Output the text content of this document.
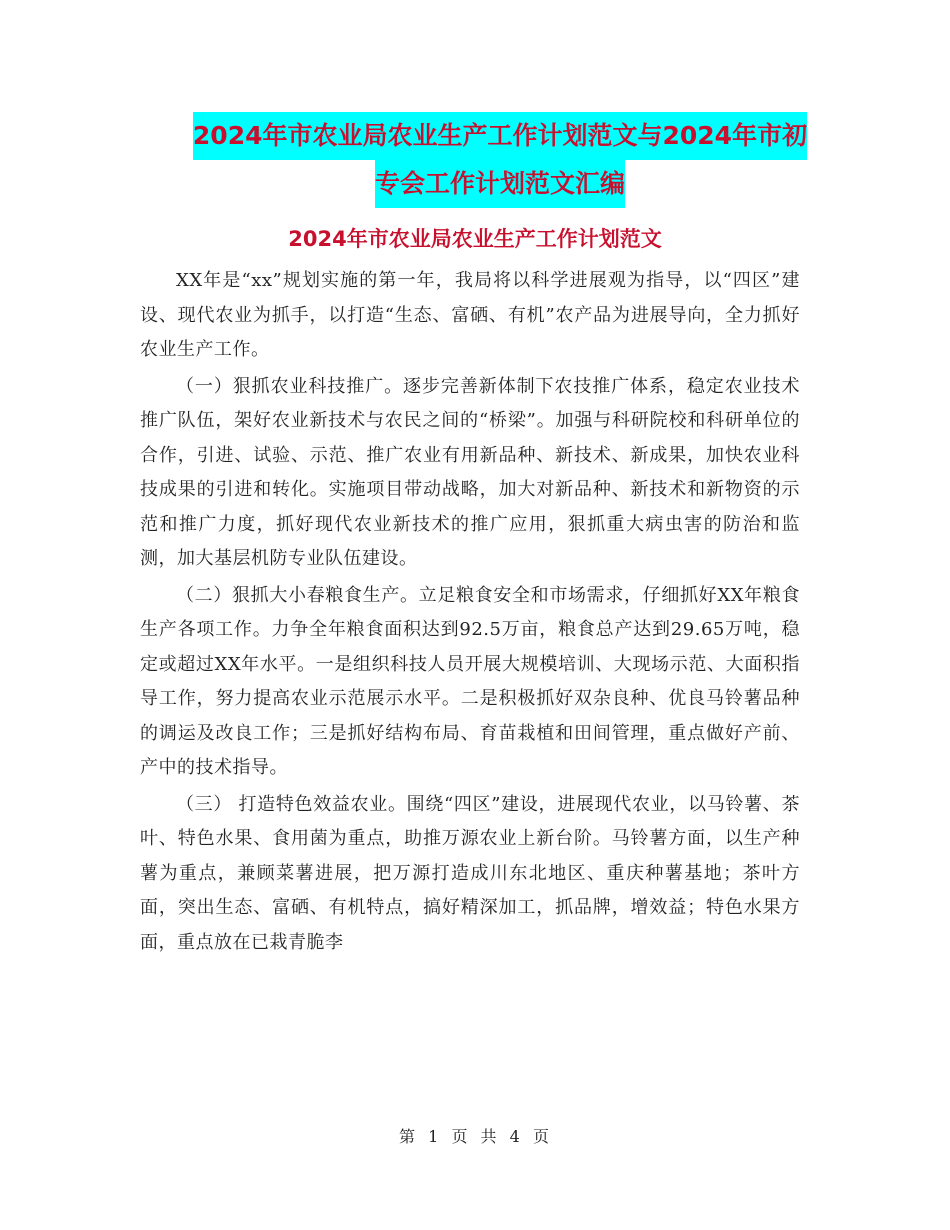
2024年市农业局农业生产工作计划范文与2024年市初
专会工作计划范文汇编
2024年市农业局农业生产工作计划范文

XX年是“xx”规划实施的第一年，我局将以科学进展观为指导，以“四区”建设、现代农业为抓手，以打造“生态、富硒、有机”农产品为进展导向，全力抓好农业生产工作。

（一）狠抓农业科技推广。逐步完善新体制下农技推广体系，稳定农业技术推广队伍，架好农业新技术与农民之间的“桥梁”。加强与科研院校和科研单位的合作，引进、试验、示范、推广农业有用新品种、新技术、新成果，加快农业科技成果的引进和转化。实施项目带动战略，加大对新品种、新技术和新物资的示范和推广力度，抓好现代农业新技术的推广应用，狠抓重大病虫害的防治和监测，加大基层机防专业队伍建设。

（二）狠抓大小春粮食生产。立足粮食安全和市场需求，仔细抓好XX年粮食生产各项工作。力争全年粮食面积达到92.5万亩，粮食总产达到29.65万吨，稳定或超过XX年水平。一是组织科技人员开展大规模培训、大现场示范、大面积指导工作，努力提高农业示范展示水平。二是积极抓好双杂良种、优良马铃薯品种的调运及改良工作；三是抓好结构布局、育苗栽植和田间管理，重点做好产前、产中的技术指导。

（三） 打造特色效益农业。围绕“四区”建设，进展现代农业，以马铃薯、茶叶、特色水果、食用菌为重点，助推万源农业上新台阶。马铃薯方面，以生产种薯为重点，兼顾菜薯进展，把万源打造成川东北地区、重庆种薯基地；茶叶方面，突出生态、富硒、有机特点，搞好精深加工，抓品牌，增效益；特色水果方面，重点放在已栽青脆李

第 1 页 共 4 页
